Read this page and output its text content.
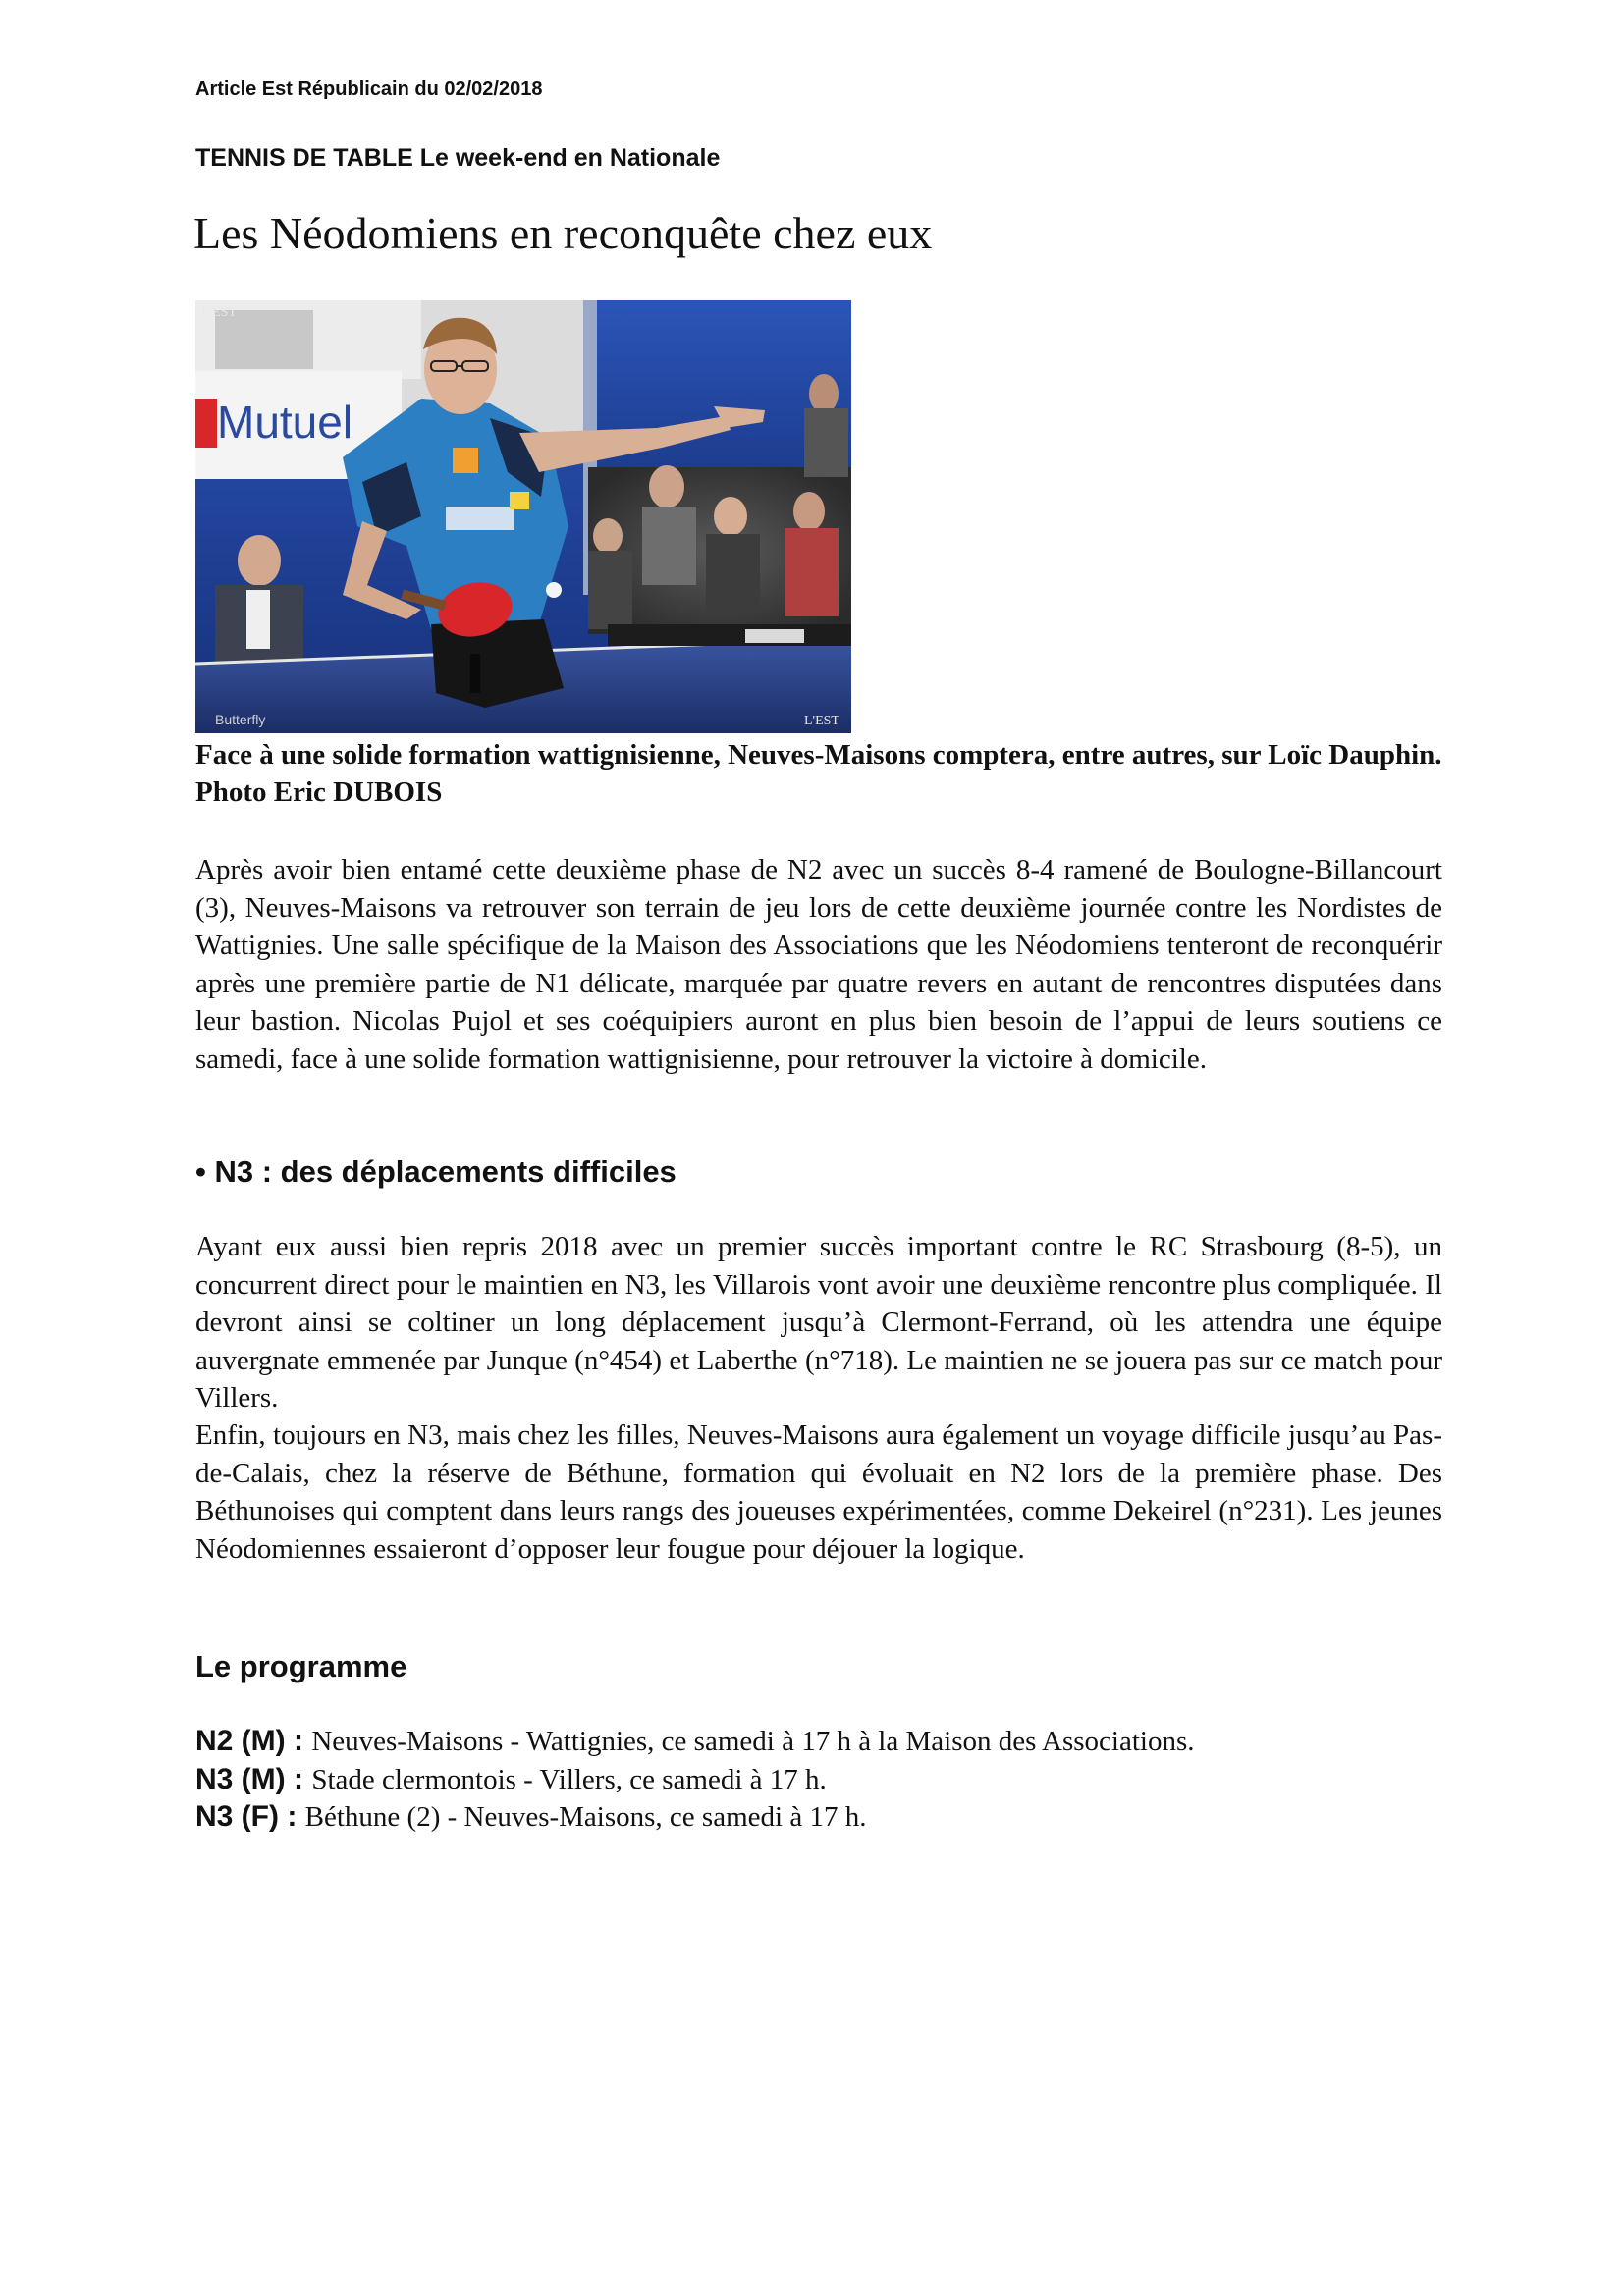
Article Est Républicain du 02/02/2018
TENNIS DE TABLE Le week-end en Nationale
Les Néodomiens en reconquête chez eux
Mutuel
Butterfly
L'EST
L'EST
Face à une solide formation wattignisienne, Neuves-Maisons comptera, entre autres, sur Loïc Dauphin. Photo Eric DUBOIS

Après avoir bien entamé cette deuxième phase de N2 avec un succès 8-4 ramené de Boulogne-Billancourt (3), Neuves-Maisons va retrouver son terrain de jeu lors de cette deuxième journée contre les Nordistes de Wattignies. Une salle spécifique de la Maison des Associations que les Néodomiens tenteront de reconquérir après une première partie de N1 délicate, marquée par quatre revers en autant de rencontres disputées dans leur bastion. Nicolas Pujol et ses coéquipiers auront en plus bien besoin de l’appui de leurs soutiens ce samedi, face à une solide formation wattignisienne, pour retrouver la victoire à domicile.

• N3 : des déplacements difficiles

Ayant eux aussi bien repris 2018 avec un premier succès important contre le RC Strasbourg (8-5), un concurrent direct pour le maintien en N3, les Villarois vont avoir une deuxième rencontre plus compliquée. Il devront ainsi se coltiner un long déplacement jusqu’à Clermont-Ferrand, où les attendra une équipe auvergnate emmenée par Junque (n°454) et Laberthe (n°718). Le maintien ne se jouera pas sur ce match pour Villers.

Enfin, toujours en N3, mais chez les filles, Neuves-Maisons aura également un voyage difficile jusqu’au Pas-de-Calais, chez la réserve de Béthune, formation qui évoluait en N2 lors de la première phase. Des Béthunoises qui comptent dans leurs rangs des joueuses expérimentées, comme Dekeirel (n°231). Les jeunes Néodomiennes essaieront d’opposer leur fougue pour déjouer la logique.

Le programme
N2 (M) : Neuves-Maisons - Wattignies, ce samedi à 17 h à la Maison des Associations.
N3 (M) : Stade clermontois - Villers, ce samedi à 17 h.
N3 (F) : Béthune (2) - Neuves-Maisons, ce samedi à 17 h.
